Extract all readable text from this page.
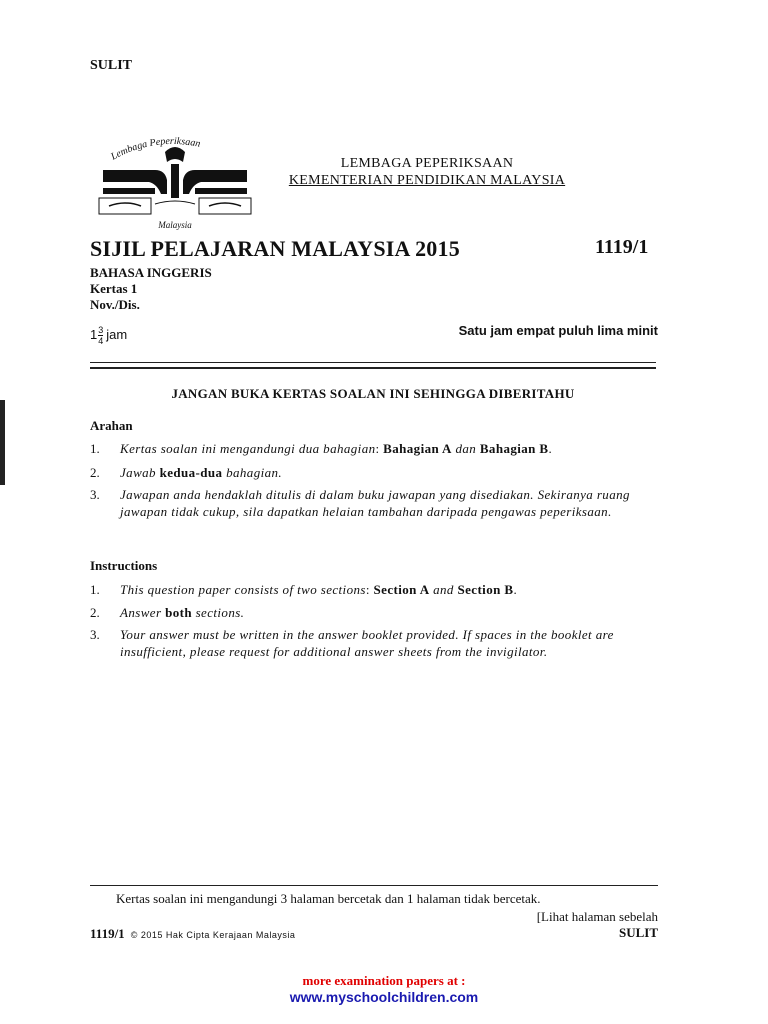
SULIT
Lembaga Peperiksaan
Malaysia
LEMBAGA PEPERIKSAAN
KEMENTERIAN PENDIDIKAN MALAYSIA
SIJIL PELAJARAN MALAYSIA 2015	1119/1
BAHASA INGGERIS
Kertas 1
Nov./Dis.
$1 \frac{3}{4}$ jam	Satu jam empat puluh lima minit
JANGAN BUKA KERTAS SOALAN INI SEHINGGA DIBERITAHU
Arahan
1. Kertas soalan ini mengandungi dua bahagian: Bahagian A dan Bahagian B.
2. Jawab kedua-dua bahagian.
3. Jawapan anda hendaklah ditulis di dalam buku jawapan yang disediakan. Sekiranya ruang jawapan tidak cukup, sila dapatkan helaian tambahan daripada pengawas peperiksaan.
Instructions
1. This question paper consists of two sections: Section A and Section B.
2. Answer both sections.
3. Your answer must be written in the answer booklet provided. If spaces in the booklet are insufficient, please request for additional answer sheets from the invigilator.
Kertas soalan ini mengandungi 3 halaman bercetak dan 1 halaman tidak bercetak.
[Lihat halaman sebelah
1119/1 © 2015 Hak Cipta Kerajaan Malaysia	SULIT
more examination papers at :
www.myschoolchildren.com
